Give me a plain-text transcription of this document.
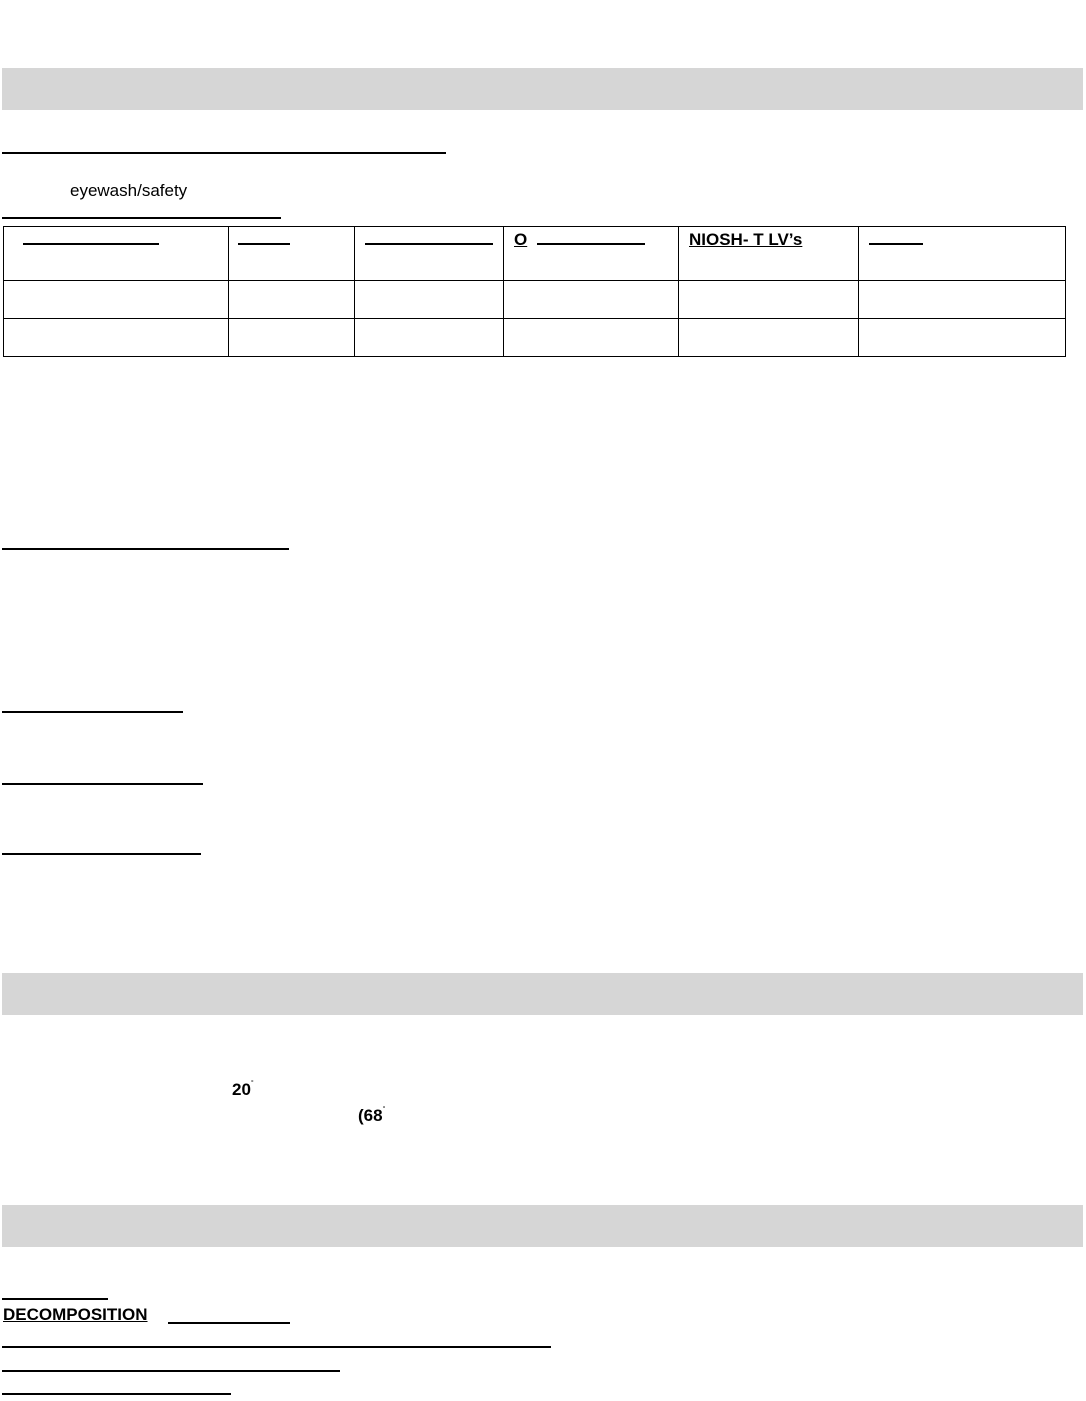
eyewash/safety

			O	NIOSH- T LV’s	

20°
(68°
DECOMPOSITION
